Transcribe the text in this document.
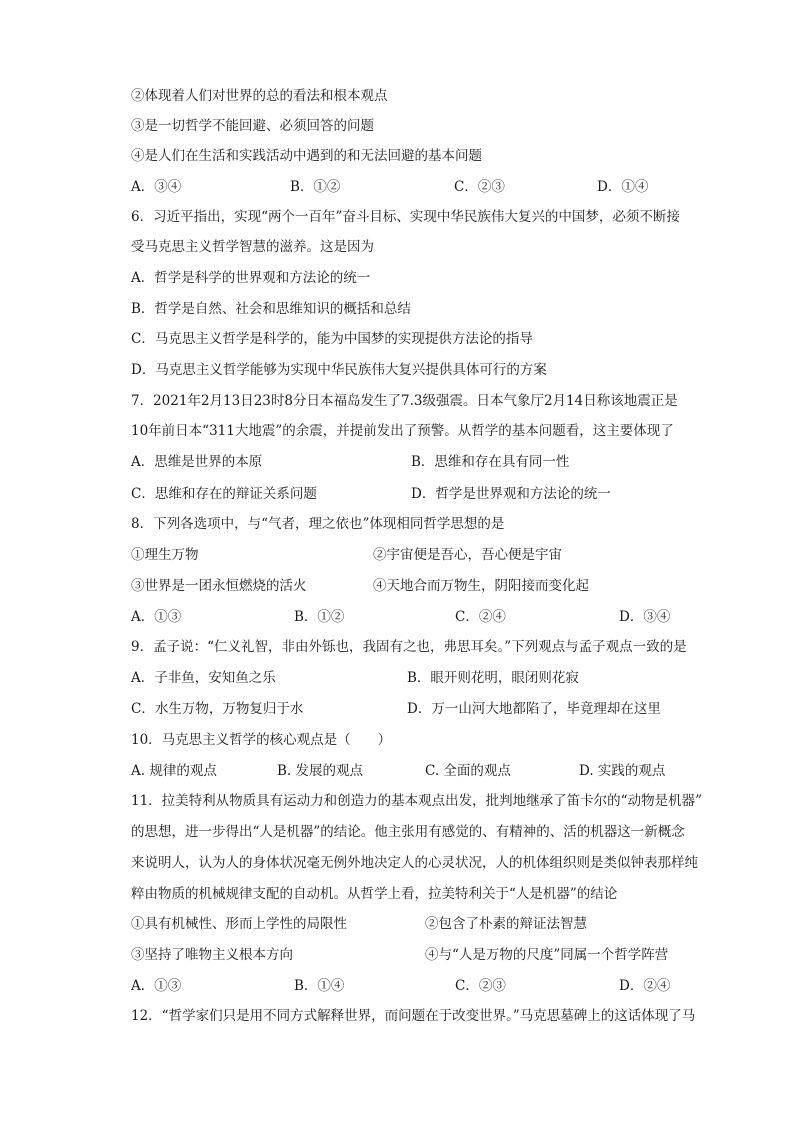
②体现着人们对世界的总的看法和根本观点
③是一切哲学不能回避、必须回答的问题
④是人们在生活和实践活动中遇到的和无法回避的基本问题
A．③④	B．①②	C．②③	D．①④
6．习近平指出，实现“两个一百年”奋斗目标、实现中华民族伟大复兴的中国梦，必须不断接
受马克思主义哲学智慧的滋养。这是因为
A．哲学是科学的世界观和方法论的统一
B．哲学是自然、社会和思维知识的概括和总结
C．马克思主义哲学是科学的，能为中国梦的实现提供方法论的指导
D．马克思主义哲学能够为实现中华民族伟大复兴提供具体可行的方案
7．2021年2月13日23时8分日本福岛发生了7.3级强震。日本气象厅2月14日称该地震正是
10年前日本“311大地震”的余震，并提前发出了预警。从哲学的基本问题看，这主要体现了
A．思维是世界的本原	B．思维和存在具有同一性
C．思维和存在的辩证关系问题	D．哲学是世界观和方法论的统一
8．下列各选项中，与“气者，理之依也”体现相同哲学思想的是
①理生万物	②宇宙便是吾心，吾心便是宇宙
③世界是一团永恒燃烧的活火	④天地合而万物生，阴阳接而变化起
A．①③	B．①②	C．②④	D．③④
9．孟子说：“仁义礼智，非由外铄也，我固有之也，弗思耳矣。”下列观点与孟子观点一致的是
A．子非鱼，安知鱼之乐	B．眼开则花明，眼闭则花寂
C．水生万物，万物复归于水	D．万一山河大地都陷了，毕竟理却在这里
10．马克思主义哲学的核心观点是（　　）
A. 规律的观点	B. 发展的观点	C. 全面的观点	D. 实践的观点
11．拉美特利从物质具有运动力和创造力的基本观点出发，批判地继承了笛卡尔的“动物是机器”
的思想，进一步得出“人是机器”的结论。他主张用有感觉的、有精神的、活的机器这一新概念
来说明人，认为人的身体状况毫无例外地决定人的心灵状况，人的机体组织则是类似钟表那样纯
粹由物质的机械规律支配的自动机。从哲学上看，拉美特利关于“人是机器”的结论
①具有机械性、形而上学性的局限性	②包含了朴素的辩证法智慧
③坚持了唯物主义根本方向	④与“人是万物的尺度”同属一个哲学阵营
A．①③	B．①④	C．②③	D．②④
12．“哲学家们只是用不同方式解释世界，而问题在于改变世界。”马克思墓碑上的这话体现了马
